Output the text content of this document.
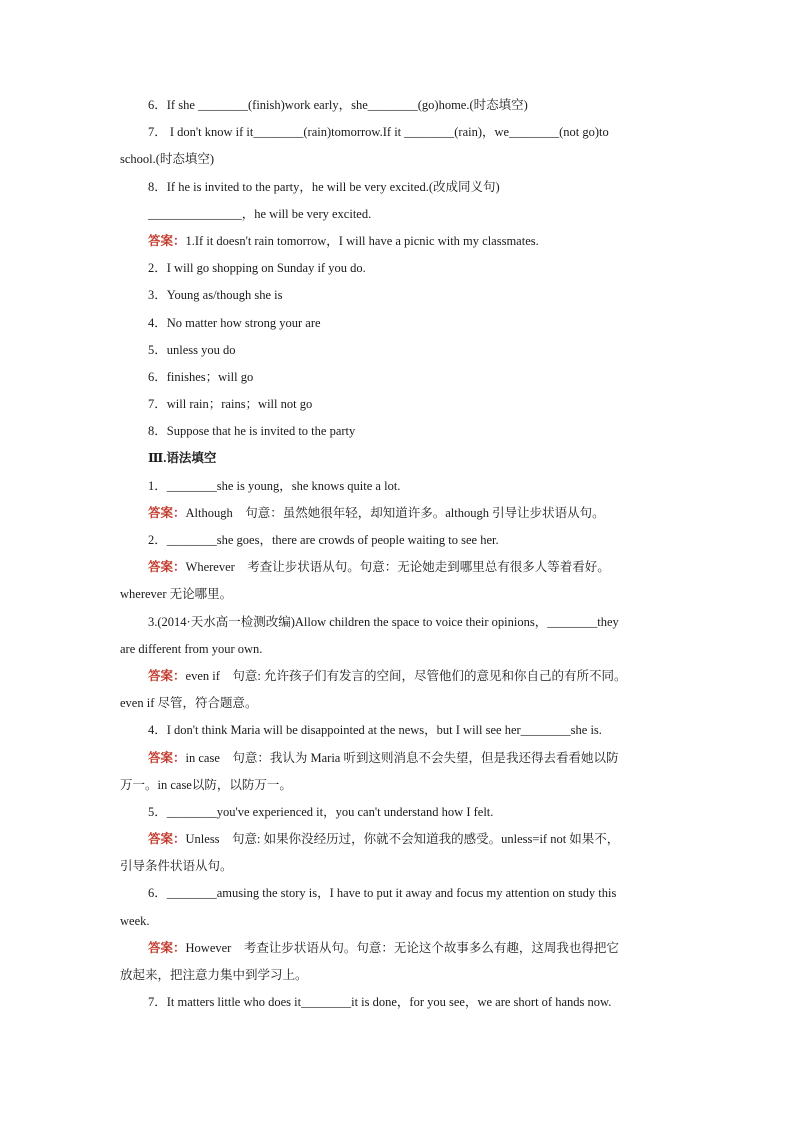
6．If she ________(finish)work early，she________(go)home.(时态填空)
7． I don't know if it________(rain)tomorrow.If it ________(rain)，we________(not go)to
school.(时态填空)
8．If he is invited to the party，he will be very excited.(改成同义句)
_______________，he will be very excited.
答案：1.If it doesn't rain tomorrow，I will have a picnic with my classmates.
2．I will go shopping on Sunday if you do.
3．Young as/though she is
4．No matter how strong your are
5．unless you do
6．finishes；will go
7．will rain；rains；will not go
8．Suppose that he is invited to the party
Ⅲ.语法填空
1．________she is young，she knows quite a lot.
答案：Although　句意：虽然她很年轻，却知道许多。although 引导让步状语从句。
2．________she goes，there are crowds of people waiting to see her.
答案：Wherever　考查让步状语从句。句意：无论她走到哪里总有很多人等着看好。
wherever 无论哪里。
3.(2014·天水高一检测改编)Allow children the space to voice their opinions，________they
are different from your own.
答案：even if　句意: 允许孩子们有发言的空间，尽管他们的意见和你自己的有所不同。
even if 尽管，符合题意。
4．I don't think Maria will be disappointed at the news，but I will see her________she is.
答案：in case　句意：我认为 Maria 听到这则消息不会失望，但是我还得去看看她以防
万一。in case以防，以防万一。
5．________you've experienced it，you can't understand how I felt.
答案：Unless　句意: 如果你没经历过，你就不会知道我的感受。unless=if not 如果不，
引导条件状语从句。
6．________amusing the story is，I have to put it away and focus my attention on study this
week.
答案：However　考查让步状语从句。句意：无论这个故事多么有趣，这周我也得把它
放起来，把注意力集中到学习上。
7．It matters little who does it________it is done，for you see，we are short of hands now.
